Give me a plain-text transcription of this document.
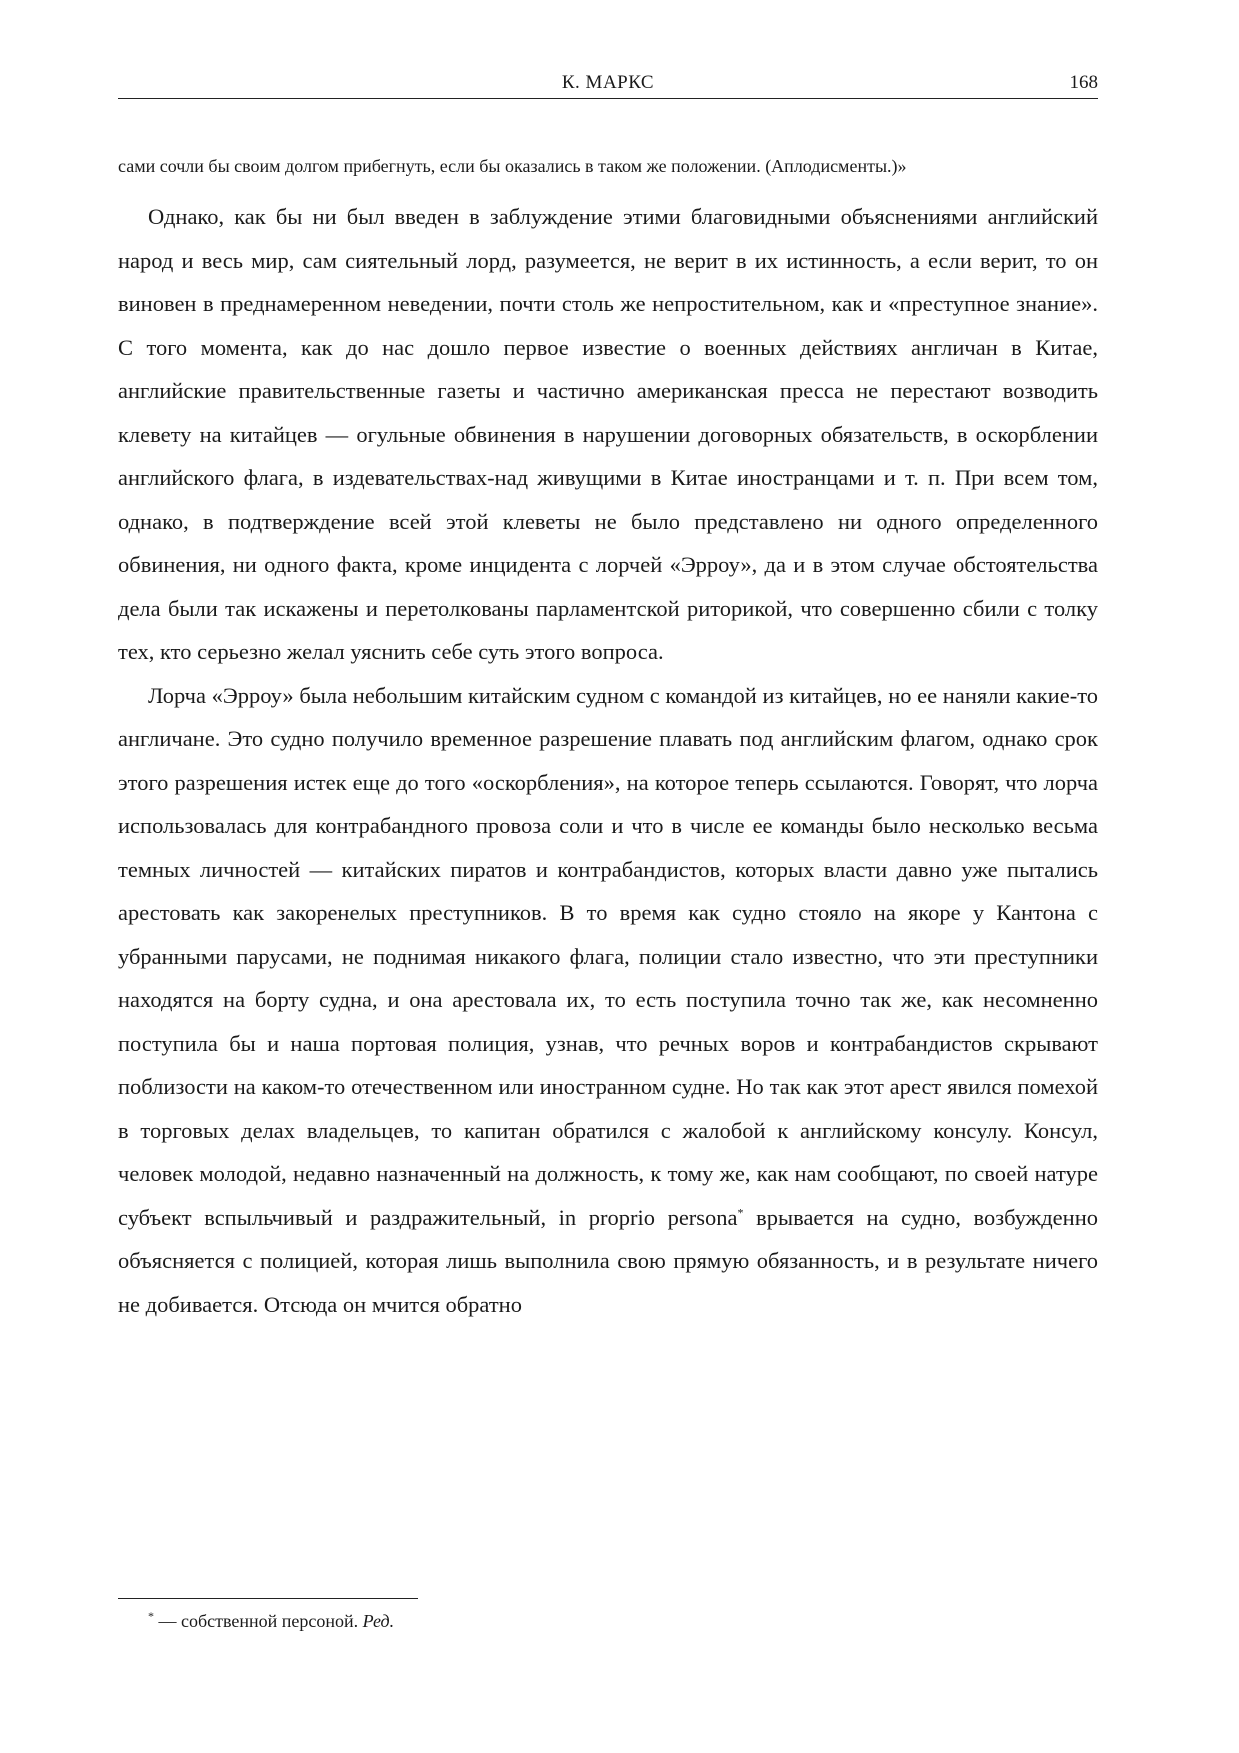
К. МАРКС	168
сами сочли бы своим долгом прибегнуть, если бы оказались в таком же положении. (Аплодисменты.)»

Однако, как бы ни был введен в заблуждение этими благовидными объяснениями английский народ и весь мир, сам сиятельный лорд, разумеется, не верит в их истинность, а если верит, то он виновен в преднамеренном неведении, почти столь же непростительном, как и «преступное знание». С того момента, как до нас дошло первое известие о военных действиях англичан в Китае, английские правительственные газеты и частично американская пресса не перестают возводить клевету на китайцев — огульные обвинения в нарушении договорных обязательств, в оскорблении английского флага, в издевательствах-над живущими в Китае иностранцами и т. п. При всем том, однако, в подтверждение всей этой клеветы не было представлено ни одного определенного обвинения, ни одного факта, кроме инцидента с лорчей «Эрроу», да и в этом случае обстоятельства дела были так искажены и перетолкованы парламентской риторикой, что совершенно сбили с толку тех, кто серьезно желал уяснить себе суть этого вопроса.

Лорча «Эрроу» была небольшим китайским судном с командой из китайцев, но ее наняли какие-то англичане. Это судно получило временное разрешение плавать под английским флагом, однако срок этого разрешения истек еще до того «оскорбления», на которое теперь ссылаются. Говорят, что лорча использовалась для контрабандного провоза соли и что в числе ее команды было несколько весьма темных личностей — китайских пиратов и контрабандистов, которых власти давно уже пытались арестовать как закоренелых преступников. В то время как судно стояло на якоре у Кантона с убранными парусами, не поднимая никакого флага, полиции стало известно, что эти преступники находятся на борту судна, и она арестовала их, то есть поступила точно так же, как несомненно поступила бы и наша портовая полиция, узнав, что речных воров и контрабандистов скрывают поблизости на каком-то отечественном или иностранном судне. Но так как этот арест явился помехой в торговых делах владельцев, то капитан обратился с жалобой к английскому консулу. Консул, человек молодой, недавно назначенный на должность, к тому же, как нам сообщают, по своей натуре субъект вспыльчивый и раздражительный, in proprio persona* врывается на судно, возбужденно объясняется с полицией, которая лишь выполнила свою прямую обязанность, и в результате ничего не добивается. Отсюда он мчится обратно

* — собственной персоной. Ред.
